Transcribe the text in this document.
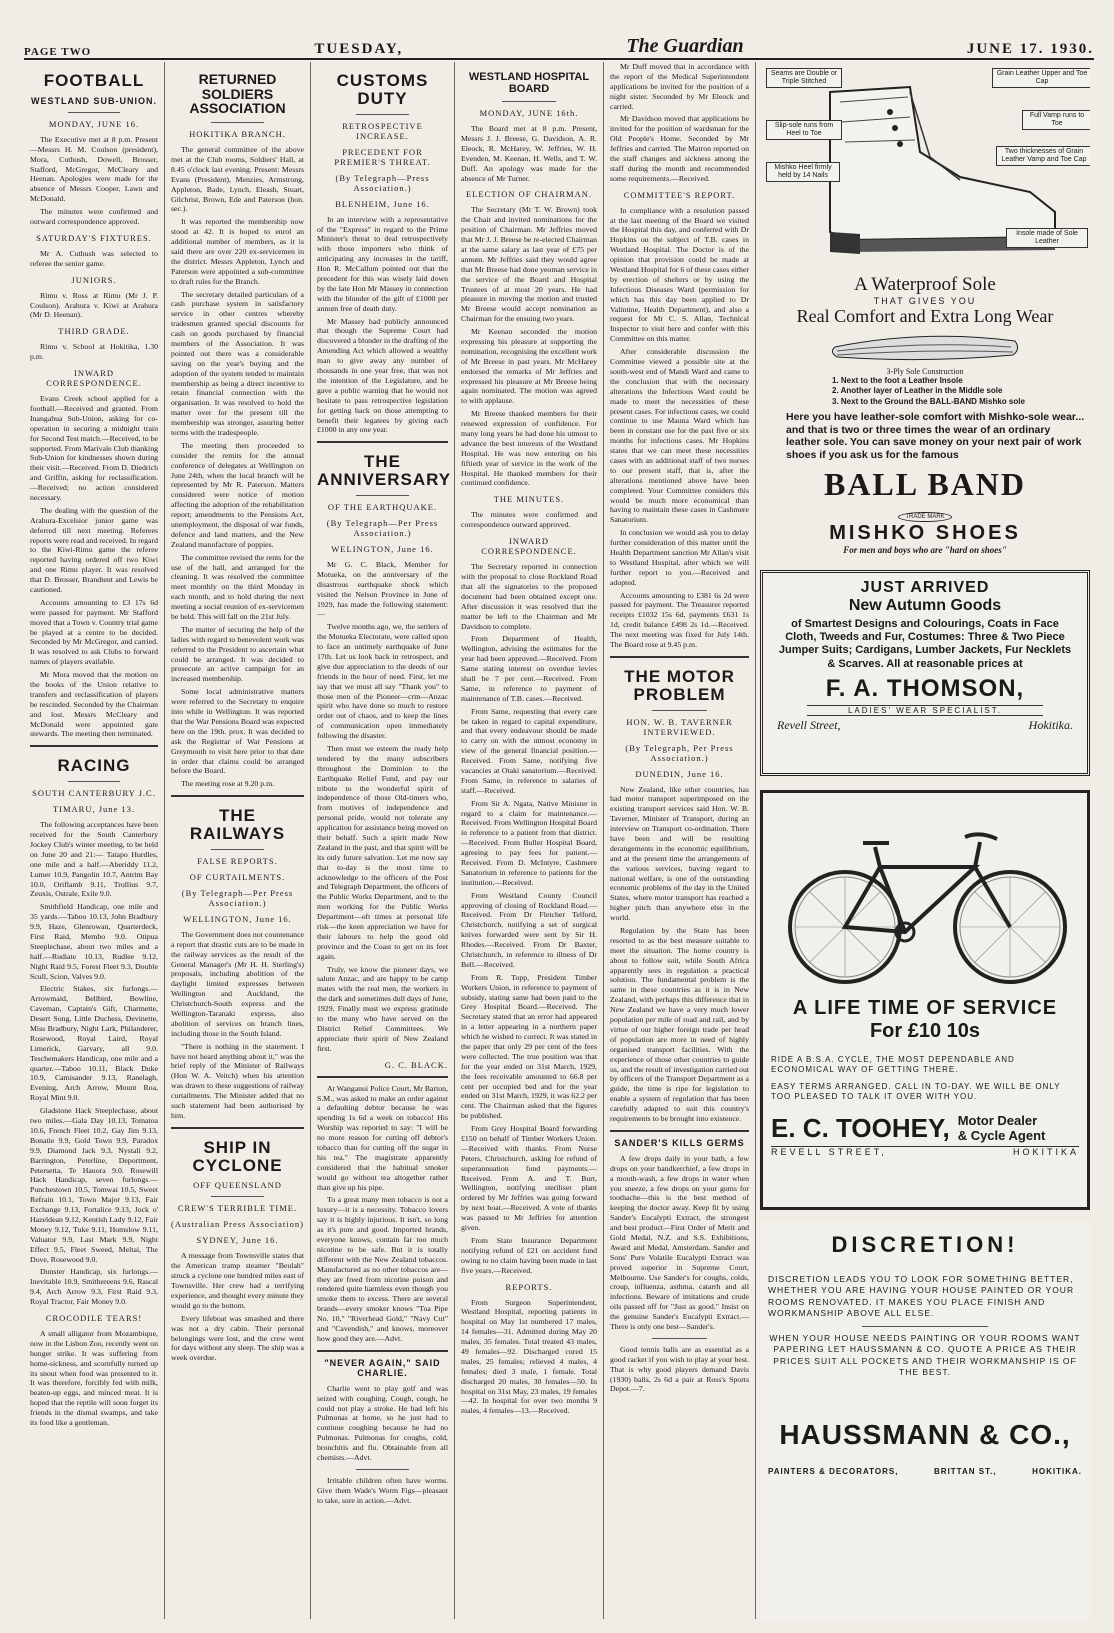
PAGE TWO	TUESDAY,	The Guardian	JUNE 17. 1930.
FOOTBALL
WESTLAND SUB-UNION.
MONDAY, JUNE 16.

The Executive met at 8 p.m. Present—Messrs H. M. Coulson (president), Mora, Cuthush, Dowell, Brosser, Stafford, McGregor, McCleary and Heenan. Apologies were made for the absence of Messrs Cooper, Lawn and McDonald.

The minutes were confirmed and outward correspondence approved.

SATURDAY'S FIXTURES.

Mr A. Cuthush was selected to referee the senior game.

JUNIORS.

Rimu v. Ross at Rimu (Mr J. P. Coulson). Arahura v. Kiwi at Arahura (Mr D. Heenan).

THIRD GRADE.

Rimu v. School at Hokitika, 1.30 p.m.

INWARD CORRESPONDENCE.

Evans Creek school applied for a football.—Received and granted. From Inangahua Sub-Union, asking for co-operation in securing a midnight train for Second Test match.—Received, to be supported. From Marivale Club thanking Sub-Union for kindnesses shown during their visit.—Received. From D. Diedrich and Griffin, asking for reclassification.—Received; no action considered necessary.

The dealing with the question of the Arahura-Excelsior junior game was deferred till next meeting. Referees reports were read and received. In regard to the Kiwi-Rimu game the referee reported having ordered off two Kiwi and one Rimu player. It was resolved that D. Brosser, Brandtent and Lewis be cautioned.

Accounts amounting to £3 17s 6d were passed for payment. Mr Stafford moved that a Town v. Country trial game be played at a centre to be decided. Seconded by Mr McGregor, and carried. It was resolved to ask Clubs to forward names of players available.

Mr Mora moved that the motion on the books of the Union relative to transfers and reclassification of players be rescinded. Seconded by the Chairman and lost. Messrs McCleary and McDonald were appointed gate stewards. The meeting then terminated.

RACING
SOUTH CANTERBURY J.C.
TIMARU, June 13.

The following acceptances have been received for the South Canterbury Jockey Club's winter meeting, to be held on June 20 and 21:— Tatapo Hurdles, one mile and a half.—Aberiddy 11.2, Lumer 10.9, Pangolin 10.7, Antrim Bay 10.0, Oriflamb 9.11, Trollius 9.7, Zeuxis, Ostrale, Exile 9.0.

Smithfield Handicap, one mile and 35 yards.—Taboo 10.13, John Bradbury 9.9, Haze, Glenrowan, Quarterdeck, First Raid, Membo 9.0. Otipua Steeplechase, about two miles and a half.—Rudiate 10.13, Rudlee 9.12, Night Raid 9.5, Forest Fleet 9.3, Double Scull, Scion, Valves 9.0.

Electric Stakes, six furlongs.—Arrowmaid, Bellbird, Bowline, Caveman, Captain's Gift, Charmette, Desert Song, Little Duchess, Devinette, Miss Bradbury, Night Lark, Philanderer, Rosewood, Royal Laird, Royal Limerick, Garvary, all 9.0. Teschemakers Handicap, one mile and a quarter.—Taboo 10.11, Black Duke 10.9, Camisander 9.13, Ranelagh, Evening, Arch Arrow, Mount Roa, Royal Mint 9.0.

Gladstone Hack Steeplechase, about two miles.—Gala Day 10.13, Tomatoa 10.6, French Fleet 10.2, Gay Jim 9.13, Bonatie 9.9, Gold Town 9.9, Paradox 9.9, Diamond Jack 9.3, Nystali 9.2, Barrington, Peterline, Deportment, Petersetta, Te Hauora 9.0. Rosewill Hack Handicap, seven furlongs.—Punchestown 10.5, Tomwai 10.5, Sweet Refrain 10.1, Town Major 9.13, Fair Exchange 9.13, Fortalice 9.13, Jock o' Hazeldean 9.12, Kentish Lady 9.12, Fair Money 9.12, Tuke 9.11, Homslow 9.11, Valuator 9.9, Last Mark 9.9, Night Effect 9.5, Fleet Sweed, Meltai, The Dove, Rosewood 9.0.

Dunster Handicap, six furlongs.—Inevitable 10.9, Smithereens 9.6, Rascal 9.4, Arch Arrow 9.3, First Raid 9.3, Royal Tractor, Fair Money 9.0.

CROCODILE TEARS!

A small alligator from Mozambique, now in the Lisbon Zoo, recently went on hunger strike. It was suffering from home-sickness, and scornfully turned up its snout when food was presented to it. It was therefore, forcibly fed with milk, beaten-up eggs, and minced meat. It is hoped that the reptile will soon forget its friends in the dismal swamps, and take its food like a gentleman.

RETURNED SOLDIERS ASSOCIATION
HOKITIKA BRANCH.

The general committee of the above met at the Club rooms, Soldiers' Hall, at 8.45 o'clock last evening. Present: Messrs Evans (President), Menzies, Armstrong, Appleton, Bade, Lynch, Eleash, Stuart, Gilchrist, Brown, Ede and Paterson (hon. sec.).

It was reported the membership now stood at 42. It is hoped to enrol an additional number of members, as it is said there are over 220 ex-servicemen in the district. Messrs Appleton, Lynch and Paterson were appointed a sub-committee to draft rules for the Branch.

The secretary detailed particulars of a cash purchase system in satisfactory service in other centres whereby tradesmen granted special discounts for cash on goods purchased by financial members of the Association. It was pointed out there was a considerable saving on the year's buying and the adoption of the system tended to maintain membership as being a direct incentive to retain financial connection with the organisation. It was resolved to hold the matter over for the present till the membership was stronger, assuring better terms with the tradespeople.

The meeting then proceeded to consider the remits for the annual conference of delegates at Wellington on June 24th, when the local branch will be represented by Mr R. Paterson. Matters considered were notice of motion affecting the adoption of the rehabilitation report; amendments to the Pensions Act, unemployment, the disposal of war funds, defence and land matters, and the New Zealand manufacture of poppies.

The committee revised the rents for the use of the hall, and arranged for the cleaning. It was resolved the committee meet monthly on the third Monday in each month, and to hold during the next meeting a social reunion of ex-servicemen be held. This will fall on the 21st July.

The matter of securing the help of the ladies with regard to benevolent work was referred to the President to ascertain what could be arranged. It was decided to prosecute an active campaign for an increased membership.

Some local administrative matters were referred to the Secretary to enquire into while in Wellington. It was reported that the War Pensions Board was expected here on the 19th. prox. It was decided to ask the Registrar of War Pensions at Greymouth to visit here prior to that date in order that claims could be arranged before the Board.

The meeting rose at 9.20 p.m.

THE RAILWAYS
FALSE REPORTS.
OF CURTAILMENTS.
(By Telegraph—Per Press Association.)
WELLINGTON, June 16.

The Government does not countenance a report that drastic cuts are to be made in the railway services as the result of the General Manager's (Mr H. H. Sterling's) proposals, including abolition of the daylight limited expresses between Wellington and Auckland, the Christchurch-South express and the Wellington-Taranaki express, also abolition of services on branch lines, including those in the South Island.

"There is nothing in the statement. I have not heard anything about it," was the brief reply of the Minister of Railways (Hon W. A. Veitch) when his attention was drawn to these suggestions of railway curtailments. The Minister added that no such statement had been authorised by him.

SHIP IN CYCLONE
OFF QUEENSLAND
CREW'S TERRIBLE TIME.
(Australian Press Association)
SYDNEY, June 16.

A message from Townsville states that the American tramp steamer "Beulah" struck a cyclone one hundred miles east of Townsville. Her crew had a terrifying experience, and thought every minute they would go to the bottom.

Every lifeboat was smashed and there was not a dry cabin. Their personal belongings were lost, and the crew went for days without any sleep. The ship was a week overdue.

CUSTOMS DUTY
RETROSPECTIVE INCREASE.
PRECEDENT FOR PREMIER'S THREAT.
(By Telegraph—Press Association.)
BLENHEIM, June 16.

In an interview with a representative of the "Express" in regard to the Prime Minister's threat to deal retrospectively with those importers who think of anticipating any increases in the tariff, Hon R. McCallum pointed out that the precedent for this was wisely laid down by the late Hon Mr Massey in connection with the blunder of the gift of £1000 per annum free of death duty.

Mr Massey had publicly announced that though the Supreme Court had discovered a blunder in the drafting of the Amending Act which allowed a wealthy man to give away any number of thousands in one year free, that was not the intention of the Legislature, and he gave a public warning that he would not hesitate to pass retrospective legislation for getting back on those attempting to benefit their legatees by giving each £1000 in any one year.

THE ANNIVERSARY
OF THE EARTHQUAKE.
(By Telegraph—Per Press Association.)
WELINGTON, June 16.

Mr G. C. Black, Member for Motueka, on the anniversary of the disastrous earthquake shock which visited the Nelson Province in June of 1929, has made the following statement:—

Twelve months ago, we, the settlers of the Motueka Electorate, were called upon to face an untimely earthquake of June 17th. Let us look back in retrospect, and give due appreciation to the deeds of our friends in the hour of need. First, let me say that we must all say "Thank you" to those men of the Pioneer—crm—Anzac spirit who have done so much to restore order out of chaos, and to keep the lines of communication open immediately following the disaster.

Then must we esteem the ready help tendered by the many subscribers throughout the Dominion to the Earthquake Relief Fund, and pay our tribute to the wonderful spirit of independence of those Old-timers who, from motives of independence and personal pride, would not tolerate any application for assistance being moved on their behalf. Such a spirit made New Zealand in the past, and that spirit will be its only future salvation. Let me now say that to-day is the most time to acknowledge to the officers of the Post and Telegraph Department, the officers of the Public Works Department, and to the men working for the Public Works Department—oft times at personal life risk—the keen appreciation we have for their labours to help the good old province and the Coast to get on its feet again.

Truly, we know the pioneer days, we salute Anzac, and are happy to be camp mates with the real men, the workers in the dark and sometimes dull days of June, 1929. Finally must we express gratitude to the many who have served on the District Relief Committees. We appreciate their spirit of New Zealand first.

G. C. BLACK.

At Wanganui Police Court, Mr Barton, S.M., was asked to make an order against a defaulting debtor because he was spending 1s 6d a week on tobacco! His Worship was reported to say: "I will be no more reason for cutting off debtor's tobacco than for cutting off the sugar in his tea." The magistrate apparently considered that the habitual smoker would go without tea altogether rather than give up his pipe.

To a great many men tobacco is not a luxury—it is a necessity. Tobacco lovers say it is highly injurious. It isn't, so long as it's pure and good. Imported brands, everyone knows, contain far too much nicotine to be safe. But it is totally different with the New Zealand tobaccos. Manufactured as no other tobaccos are—they are freed from nicotine poison and rendered quite harmless even though you smoke them to excess. There are several brands—every smoker knows "Toa Pipe No. 10," "Riverhead Gold," "Navy Cut" and "Cavendish," and knows, moreover how good they are.—Advt.

"NEVER AGAIN," SAID CHARLIE.

Charlie went to play golf and was seized with coughing. Cough, cough, he could not play a stroke. He had left his Pulmonas at home, so he just had to continue coughing because he had no Pulmonas. Pulmonas for coughs, cold, bronchitis and flu. Obtainable from all chemists.—Advt.

Irritable children often have worms. Give them Wade's Worm Figs—pleasant to take, sure in action.—Advt.

WESTLAND HOSPITAL BOARD
MONDAY, JUNE 16th.

The Board met at 8 p.m. Present, Messrs J. J. Breese, G. Davidson, A. R. Eleock, R. McHarey, W. Jeffries, W. H. Evenden, M. Keenan, H. Wells, and T. W. Duff. An apology was made for the absence of Mr Turner.

ELECTION OF CHAIRMAN.

The Secretary (Mr T. W. Brown) took the Chair and invited nominations for the position of Chairman. Mr Jeffries moved that Mr J. J. Breese be re-elected Chairman at the same salary as last year of £75 per annum. Mr Jeffries said they would agree that Mr Breese had done yeoman service in the service of the Board and Hospital Trustees of at most 20 years. He had pleasure in moving the motion and trusted Mr Breese would accept nomination as Chairman for the ensuing two years.

Mr Keenan seconded the motion expressing his pleasure at supporting the nomination, recognising the excellent work of Mr Breese in past years. Mr McHarey endorsed the remarks of Mr Jeffries and expressed his pleasure at Mr Breese being again nominated. The motion was agreed to with applause.

Mr Breese thanked members for their renewed expression of confidence. For many long years he had done his utmost to advance the best interests of the Westland Hospital. He was now entering on his fiftieth year of service in the work of the Hospital. He thanked members for their continued confidence.

THE MINUTES.

The minutes were confirmed and correspondence outward approved.

INWARD CORRESPONDENCE.

The Secretary reported in connection with the proposal to close Rockland Road that all the signatories to the proposed document had been obtained except one. After discussion it was resolved that the matter be left to the Chairman and Mr Davidson to complete.

From Department of Health, Wellington, advising the estimates for the year had been approved.—Received. From Same stating interest on overdue levies shall be 7 per cent.—Received. From Same, in reference to payment of maintenance of T.B. cases.—Received.

From Same, requesting that every care be taken in regard to capital expenditure, and that every endeavour should be made to carry on with the utmost economy in view of the general financial position.—Received. From Same, notifying five vacancies at Otaki sanatorium.—Received. From Same, in reference to salaries of staff.—Received.

From Sir A. Ngata, Native Minister in regard to a claim for maintenance.—Received. From Wellington Hospital Board in reference to a patient from that district.—Received. From Buller Hospital Board, agreeing to pay fees for patient.—Received. From D. McIntyre, Cashmere Sanatorium in reference to patients for the institution.—Received.

From Westland County Council approving of closing of Rockland Road.—Received. From Dr Fletcher Telford, Christchurch, notifying a set of surgical knives forwarded were sent by Sir H. Rhodes.—Received. From Dr Baxter, Christchurch, in reference to illness of Dr Bell.—Received.

From R. Topp, President Timber Workers Union, in reference to payment of subsidy, stating same had been paid to the Grey Hospital Board.—Received. The Secretary stated that an error had appeared in a letter appearing in a northern paper which he wished to correct. It was stated in the paper that only 29 per cent of the fees were collected. The true position was that for the year ended on 31st March, 1929, the fees receivable amounted to 66.8 per cent per occupied bed and for the year ended on 31st March, 1929, it was 62.2 per cent. The Chairman asked that the figures be published.

From Grey Hospital Board forwarding £150 on behalf of Timber Workers Union.—Received with thanks. From Nurse Peters, Christchurch, asking for refund of superannuation fund payments.—Received. From A. and T. Burt, Wellington, notifying steriliser plant ordered by Mr Jeffries was going forward by next boat.—Received. A vote of thanks was passed to Mr Jeffries for attention given.

From State Insurance Department notifying refund of £21 on accident fund owing to no claim having been made in last five years.—Received.

REPORTS.

From Surgeon Superintendent, Westland Hospital, reporting patients in hospital on May 1st numbered 17 males, 14 females—31. Admitted during May 20 males, 35 females. Total treated 43 males, 49 females—92. Discharged cured 15 males, 25 females; relieved 4 males, 4 females; died 3 male, 1 female. Total discharged 20 males, 30 females—50. In hospital on 31st May, 23 males, 19 females—42. In hospital for over two months 9 males, 4 females—13.—Received.

Mr Duff moved that in accordance with the report of the Medical Superintendent applications be invited for the position of a night sister. Seconded by Mr Eleock and carried.

Mr Davidson moved that applications be invited for the position of wardsman for the Old People's Home. Seconded by Mr Jeffries and carried. The Matron reported on the staff changes and sickness among the staff during the month and recommended some requirements.—Received.

COMMITTEE'S REPORT.

In compliance with a resolution passed at the last meeting of the Board we visited the Hospital this day, and conferred with Dr Hopkins on the subject of T.B. cases in Westland Hospital. The Doctor is of the opinion that provision could be made at Westland Hospital for 6 of these cases either by erection of shelters or by using the Infectious Diseases Ward (permission for which has this day been applied to Dr Valintine, Health Department), and also a request for Mr C. S. Allan, Technical Inspector to visit here and confer with this Committee on this matter.

After considerable discussion the Committee viewed a possible site at the south-west end of Mandi Ward and came to the conclusion that with the necessary alterations the Infectious Ward could be made to meet the necessities of these present cases. For infectious cases, we could continue to use Mauna Ward which has been in constant use for the past five or six months for infectious cases. Mr Hopkins states that we can meet these necessities cases with an additional staff of two nurses to our present staff, that is, after the alterations mentioned above have been completed. Your Committee considers this would be much more economical than having to maintain these cases in Cashmere Sanatorium.

In conclusion we would ask you to delay further consideration of this matter until the Health Department sanction Mr Allan's visit to Westland Hospital, after which we will further report to you.—Received and adopted.

Accounts amounting to £381 6s 2d were passed for payment. The Treasurer reported receipts £1032 15s 6d, payments £631 1s 1d, credit balance £498 2s 1d.—Received. The next meeting was fixed for July 14th. The Board rose at 9.45 p.m.

THE MOTOR PROBLEM
HON. W. B. TAVERNER INTERVIEWED.
(By Telegraph, Per Press Association.)
DUNEDIN, June 16.

New Zealand, like other countries, has had motor transport superimposed on the existing transport services said Hon. W. B. Taverner, Minister of Transport, during an interview on Transport co-ordination. There have been and will be resulting derangements in the economic equilibrium, and at the present time the arrangements of the various services, having regard to national welfare, is one of the outstanding economic problems of the day in the United States, where motor transport has reached a higher pitch than anywhere else in the world.

Regulation by the State has been resorted to as the best measure suitable to meet the situation. The home country is about to follow suit, while South Africa apparently sees in regulation a practical solution. The fundamental problem is the same in these countries as it is in New Zealand, with perhaps this difference that in New Zealand we have a very much lower population per mile of road and rail, and by virtue of our higher foreign trade per head of population are more in need of highly organised transport facilities. With the experience of those other countries to guide us, and the result of investigation carried out by officers of the Transport Department as a guide, the time is ripe for legislation to enable a system of regulation that has been carefully adapted to suit this country's requirements to be brought into existence.

SANDER'S KILLS GERMS

A few drops daily in your bath, a few drops on your handkerchief, a few drops in a mouth-wash, a few drops in water when you sneeze, a few drops on your gums for toothache—this is the best method of keeping the doctor away. Keep fit by using Sander's Eucalypti Extract, the strongest and best product—First Order of Merit and Gold Medal, N.Z. and S.S. Exhibitions, Award and Medal, Amsterdam. Sander and Sons' Pure Volatile Eucalypti Extract was proved superior in Supreme Court, Melbourne. Use Sander's for coughs, colds, croup, influenza, asthma, catarrh and all infections. Beware of imitations and crude oils passed off for "Just as good." Insist on the genuine Sander's Eucalypti Extract.—There is only one best—Sander's.

Good tennis balls are as essential as a good racket if you wish to play at your best. That is why good players demand Davis (1930) balls, 2s 6d a pair at Ross's Sports Depot.—7.

Seams are Double or Triple Stitched
Grain Leather Upper and Toe Cap
Slip-sole runs from Heel to Toe
Full Vamp runs to Toe
Two thicknesses of Grain Leather Vamp and Toe Cap
Mishko Heel firmly held by 14 Nails
Insole made of Sole Leather
A Waterproof Sole
THAT GIVES YOU
Real Comfort and Extra Long Wear
3-Ply Sole Construction
1. Next to the foot a Leather Insole
2. Another layer of Leather in the Middle sole
3. Next to the Ground the BALL-BAND Mishko sole
Here you have leather-sole comfort with Mishko-sole wear... and that is two or three times the wear of an ordinary leather sole. You can save money on your next pair of work shoes if you ask us for the famous
BALL BAND
TRADE MARK
MISHKO SHOES
For men and boys who are "hard on shoes"
JUST ARRIVED
New Autumn Goods
of Smartest Designs and Colourings, Coats in Face Cloth, Tweeds and Fur, Costumes: Three & Two Piece Jumper Suits; Cardigans, Lumber Jackets, Fur Necklets & Scarves. All at reasonable prices at
F. A. THOMSON,
LADIES' WEAR SPECIALIST.
Revell Street,	Hokitika.
A LIFE TIME OF SERVICE
For £10 10s
RIDE A B.S.A. CYCLE, THE MOST DEPENDABLE AND ECONOMICAL WAY OF GETTING THERE.
EASY TERMS ARRANGED. CALL IN TO-DAY. WE WILL BE ONLY TOO PLEASED TO TALK IT OVER WITH YOU.
E. C. TOOHEY, Motor Dealer
& Cycle Agent
REVELL STREET,	HOKITIKA
DISCRETION!
DISCRETION LEADS YOU TO LOOK FOR SOMETHING BETTER, WHETHER YOU ARE HAVING YOUR HOUSE PAINTED OR YOUR ROOMS RENOVATED. IT MAKES YOU PLACE FINISH AND WORKMANSHIP ABOVE ALL ELSE.
WHEN YOUR HOUSE NEEDS PAINTING OR YOUR ROOMS WANT PAPERING LET HAUSSMANN & CO. QUOTE A PRICE AS THEIR PRICES SUIT ALL POCKETS AND THEIR WORKMANSHIP IS OF THE BEST.
HAUSSMANN & CO.,
PAINTERS & DECORATORS,	BRITTAN ST.,	HOKITIKA.
